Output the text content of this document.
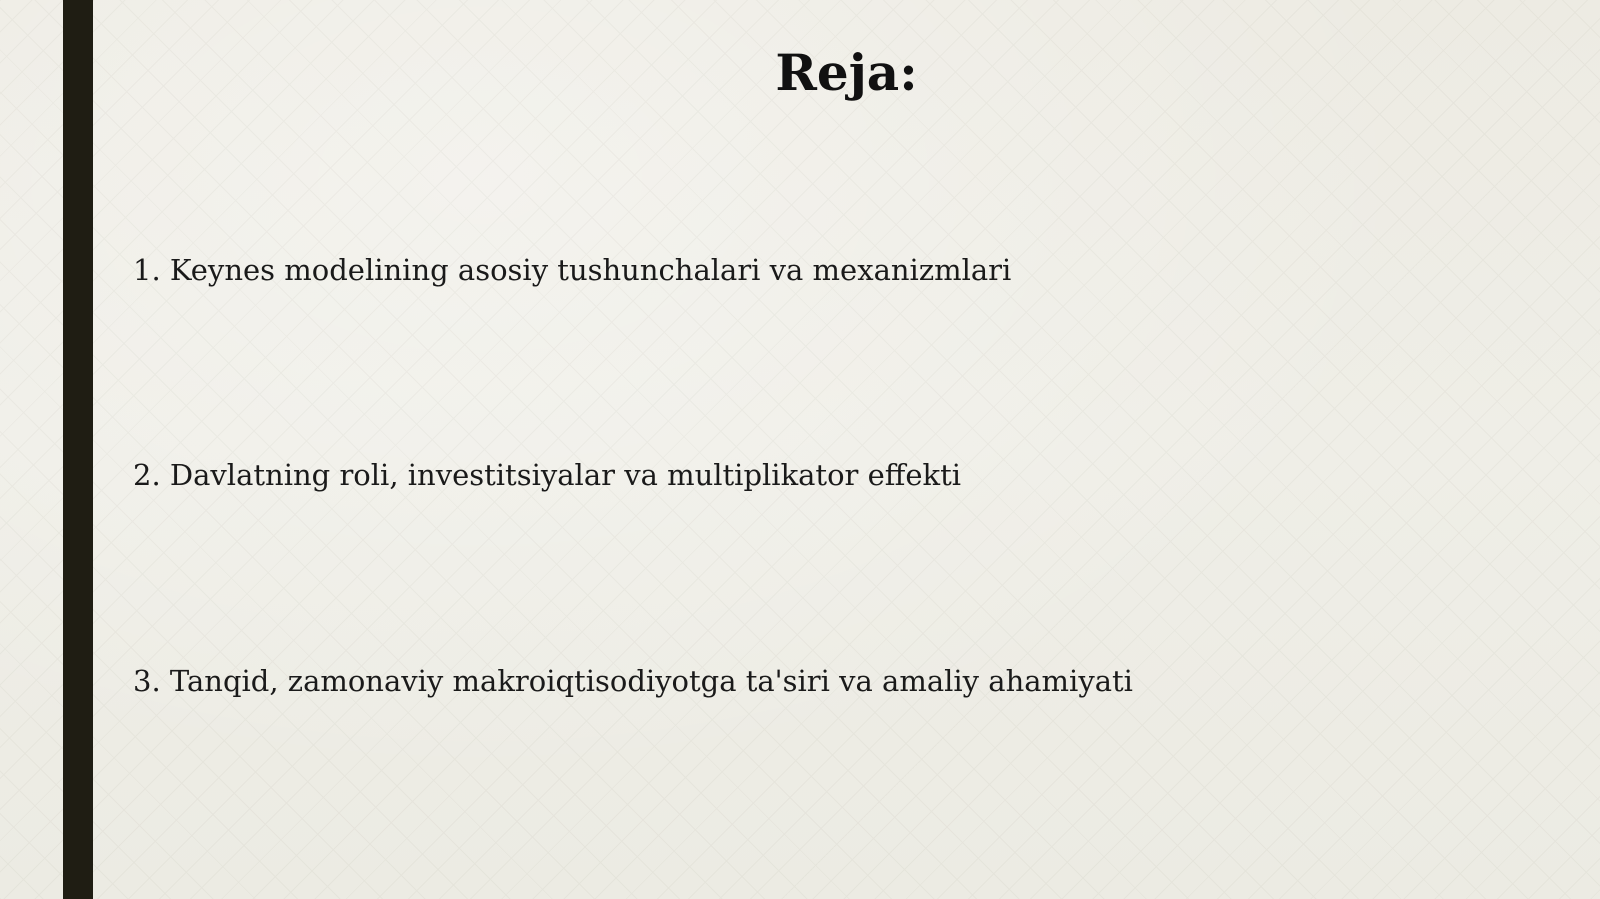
Reja:

1. Keynes modelining asosiy tushunchalari va mexanizmlari

2. Davlatning roli, investitsiyalar va multiplikator effekti

3. Tanqid, zamonaviy makroiqtisodiyotga ta'siri va amaliy ahamiyati
